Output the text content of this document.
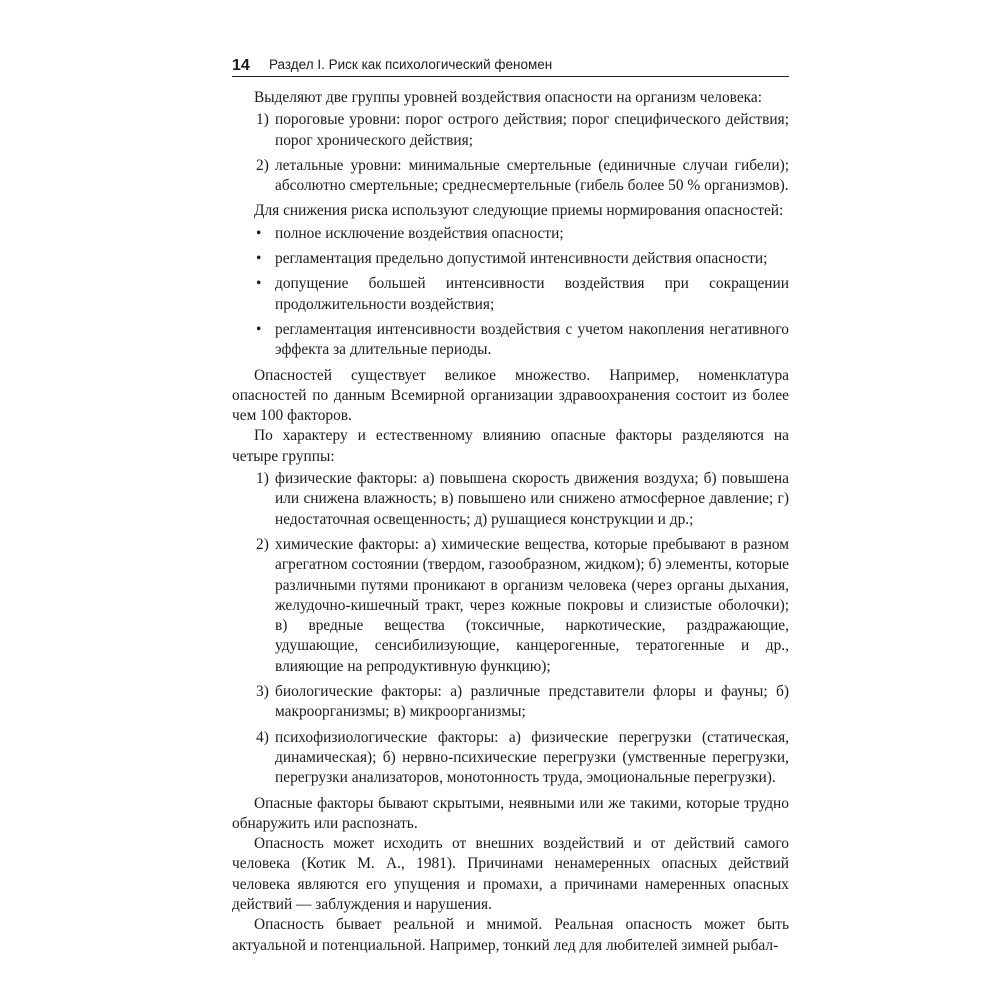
14 Раздел I. Риск как психологический феномен

Выделяют две группы уровней воздействия опасности на организм человека:

1) пороговые уровни: порог острого действия; порог специфического действия; порог хронического действия;
2) летальные уровни: минимальные смертельные (единичные случаи гибели); абсолютно смертельные; среднесмертельные (гибель более 50 % организмов).

Для снижения риска используют следующие приемы нормирования опасностей:

• полное исключение воздействия опасности;
• регламентация предельно допустимой интенсивности действия опасности;
• допущение большей интенсивности воздействия при сокращении продолжительности воздействия;
• регламентация интенсивности воздействия с учетом накопления негативного эффекта за длительные периоды.

Опасностей существует великое множество. Например, номенклатура опасностей по данным Всемирной организации здравоохранения состоит из более чем 100 факторов.

По характеру и естественному влиянию опасные факторы разделяются на четыре группы:

1) физические факторы: а) повышена скорость движения воздуха; б) повышена или снижена влажность; в) повышено или снижено атмосферное давление; г) недостаточная освещенность; д) рушащиеся конструкции и др.;
2) химические факторы: а) химические вещества, которые пребывают в разном агрегатном состоянии (твердом, газообразном, жидком); б) элементы, которые различными путями проникают в организм человека (через органы дыхания, желудочно-кишечный тракт, через кожные покровы и слизистые оболочки); в) вредные вещества (токсичные, наркотические, раздражающие, удушающие, сенсибилизующие, канцерогенные, тератогенные и др., влияющие на репродуктивную функцию);
3) биологические факторы: а) различные представители флоры и фауны; б) макроорганизмы; в) микроорганизмы;
4) психофизиологические факторы: а) физические перегрузки (статическая, динамическая); б) нервно-психические перегрузки (умственные перегрузки, перегрузки анализаторов, монотонность труда, эмоциональные перегрузки).

Опасные факторы бывают скрытыми, неявными или же такими, которые трудно обнаружить или распознать.

Опасность может исходить от внешних воздействий и от действий самого человека (Котик М. А., 1981). Причинами ненамеренных опасных действий человека являются его упущения и промахи, а причинами намеренных опасных действий — заблуждения и нарушения.

Опасность бывает реальной и мнимой. Реальная опасность может быть актуальной и потенциальной. Например, тонкий лед для любителей зимней рыбал-
